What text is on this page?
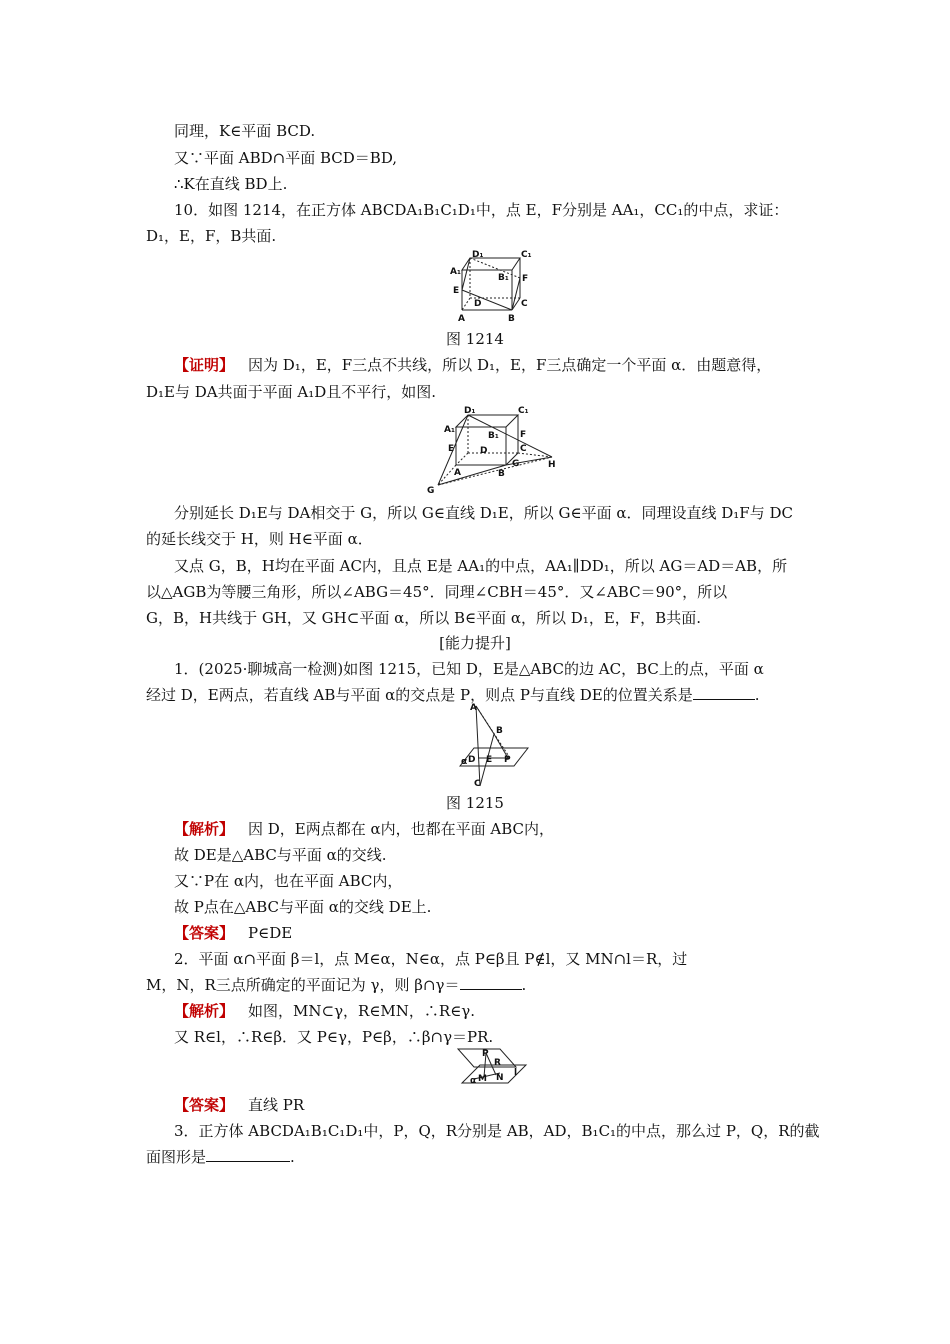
同理，K∈平面 BCD.
又∵平面 ABD∩平面 BCD＝BD,
∴K在直线 BD上.
10．如图 1214，在正方体 ABCDA₁B₁C₁D₁中，点 E，F分别是 AA₁，CC₁的中点，求证：
D₁，E，F，B共面.
D₁	C₁
A₁
B₁
E
F
D	C
A	B
图 1214
【证明】 因为 D₁，E，F三点不共线，所以 D₁，E，F三点确定一个平面 α．由题意得，
D₁E与 DA共面于平面 A₁D且不平行，如图.
D₁	C₁
A₁
B₁
E
F
D	C
A	B
G
G
H
分别延长 D₁E与 DA相交于 G，所以 G∈直线 D₁E，所以 G∈平面 α．同理设直线 D₁F与 DC
的延长线交于 H，则 H∈平面 α．
又点 G，B，H均在平面 AC内，且点 E是 AA₁的中点，AA₁∥DD₁，所以 AG＝AD＝AB，所
以△AGB为等腰三角形，所以∠ABG＝45°．同理∠CBH＝45°．又∠ABC＝90°，所以
G，B，H共线于 GH，又 GH⊂平面 α，所以 B∈平面 α，所以 D₁，E，F，B共面.
[能力提升]
1．(2025·聊城高一检测)如图 1215，已知 D，E是△ABC的边 AC，BC上的点，平面 α
经过 D，E两点，若直线 AB与平面 α的交点是 P，则点 P与直线 DE的位置关系是	.
A
B
D E P
C
α
图 1215
【解析】 因 D，E两点都在 α内，也都在平面 ABC内，
故 DE是△ABC与平面 α的交线.
又∵P在 α内，也在平面 ABC内，
故 P点在△ABC与平面 α的交线 DE上.
【答案】 P∈DE
2．平面 α∩平面 β＝l，点 M∈α，N∈α，点 P∈β且 P∉l，又 MN∩l＝R，过
M，N，R三点所确定的平面记为 γ，则 β∩γ＝	.
【解析】 如图，MN⊂γ，R∈MN，∴R∈γ.
又 R∈l，∴R∈β．又 P∈γ，P∈β，∴β∩γ＝PR.
P
R
l
M N
α
【答案】 直线 PR
3．正方体 ABCDA₁B₁C₁D₁中，P，Q，R分别是 AB，AD，B₁C₁的中点，那么过 P，Q，R的截
面图形是	.
